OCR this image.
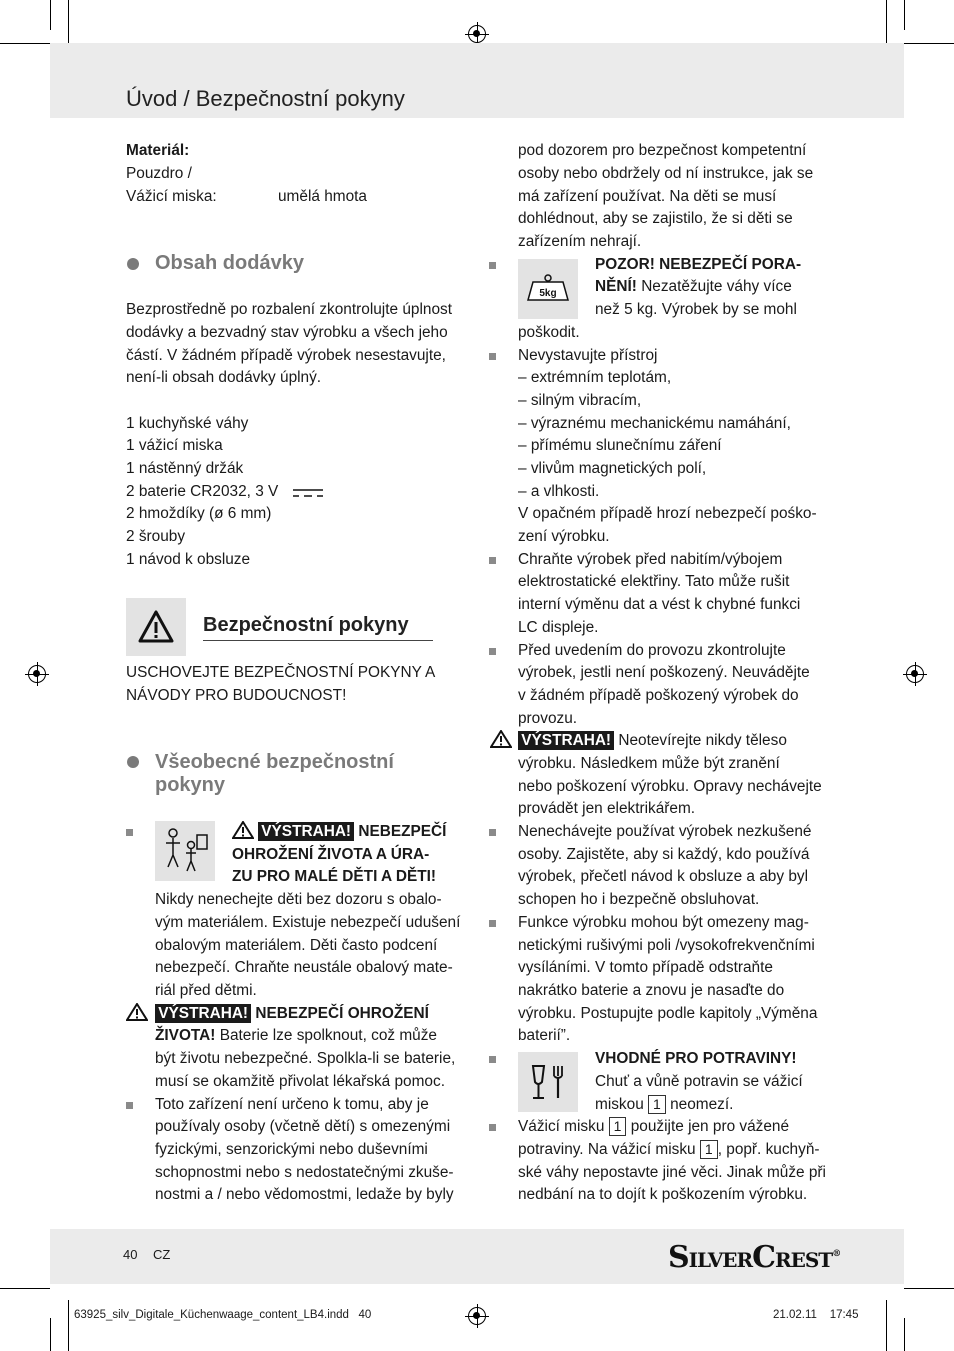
Úvod / Bezpečnostní pokyny
Materiál:
Pouzdro /
Vážicí miska:	umělá hmota
Obsah dodávky
Bezprostředně po rozbalení zkontrolujte úplnost
dodávky a bezvadný stav výrobku a všech jeho
částí. V žádném případě výrobek nesestavujte,
není-li obsah dodávky úplný.
1 kuchyňské váhy
1 vážicí miska
1 nástěnný držák
2 baterie CR2032, 3 V
2 hmoždíky (ø 6 mm)
2 šrouby
1 návod k obsluze
Bezpečnostní pokyny
USCHOVEJTE BEZPEČNOSTNÍ POKYNY A
NÁVODY PRO BUDOUCNOST!
Všeobecné bezpečnostní
pokyny
VÝSTRAHA! NEBEZPEČÍ
OHROŽENÍ ŽIVOTA A ÚRA-
ZU PRO MALÉ DĚTI A DĚTI!
Nikdy nenechejte děti bez dozoru s obalo-
vým materiálem. Existuje nebezpečí udušení
obalovým materiálem. Děti často podcení
nebezpečí. Chraňte neustále obalový mate-
riál před dětmi.
VÝSTRAHA! NEBEZPEČÍ OHROŽENÍ
ŽIVOTA! Baterie lze spolknout, což může
být životu nebezpečné. Spolkla-li se baterie,
musí se okamžitě přivolat lékařská pomoc.
Toto zařízení není určeno k tomu, aby je
používaly osoby (včetně dětí) s omezenými
fyzickými, senzorickými nebo duševními
schopnostmi nebo s nedostatečnými zkuše-
nostmi a / nebo vědomostmi, ledaže by byly
pod dozorem pro bezpečnost kompetentní
osoby nebo obdržely od ní instrukce, jak se
má zařízení používat. Na děti se musí
dohlédnout, aby se zajistilo, že si děti se
zařízením nehrají.
5kg
POZOR! NEBEZPEČÍ PORA-
NĚNÍ! Nezatěžujte váhy více
než 5 kg. Výrobek by se mohl
poškodit.
Nevystavujte přístroj
– extrémním teplotám,
– silným vibracím,
– výraznému mechanickému namáhání,
– přímému slunečnímu záření
– vlivům magnetických polí,
– a vlhkosti.
V opačném případě hrozí nebezpečí pośko-
zení výrobku.
Chraňte výrobek před nabitím/výbojem
elektrostatické elektřiny. Tato může rušit
interní výměnu dat a vést k chybné funkci
LC displeje.
Před uvedením do provozu zkontrolujte
výrobek, jestli není poškozený. Neuvádějte
v žádném případě poškozený výrobek do
provozu.
VÝSTRAHA! Neotevírejte nikdy těleso
výrobku. Následkem může být zranění
nebo poškození výrobku. Opravy nechávejte
provádět jen elektrikářem.
Nenechávejte používat výrobek nezkušené
osoby. Zajistěte, aby si každý, kdo používá
výrobek, přečetl návod k obsluze a aby byl
schopen ho i bezpečně obsluhovat.
Funkce výrobku mohou být omezeny mag-
netickými rušivými poli /vysokofrekvenčními
vysíláními. V tomto případě odstraňte
nakrátko baterie a znovu je nasaďte do
výrobku. Postupujte podle kapitoly „Výměna
baterií”.
VHODNÉ PRO POTRAVINY!
Chuť a vůně potravin se vážicí
miskou 1 neomezí.
Vážicí misku 1 použijte jen pro vážené
potraviny. Na vážicí misku 1 , popř. kuchyň-
ské váhy nepostavte jiné věci. Jinak může při
nedbání na to dojít k poškozením výrobku.
40 CZ	SILVERCREST®
63925_silv_Digitale_Küchenwaage_content_LB4.indd   40	21.02.11    17:45
